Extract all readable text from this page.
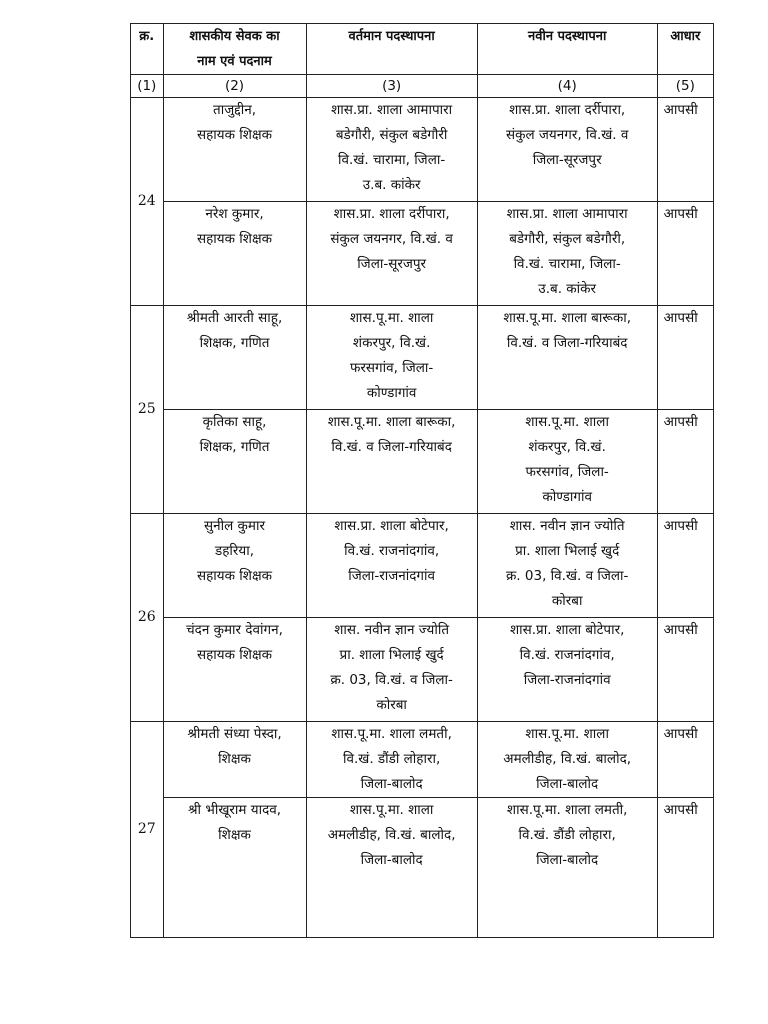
क्र.	शासकीय सेवक का
नाम एवं पदनाम	वर्तमान पदस्थापना	नवीन पदस्थापना	आधार
(1)	(2)	(3)	(4)	(5)
24	ताजुद्दीन,
सहायक शिक्षक	शास.प्रा. शाला आमापारा
बडेगौरी, संकुल बडेगौरी
वि.खं. चारामा, जिला-
उ.ब. कांकेर	शास.प्रा. शाला दर्रीपारा,
संकुल जयनगर, वि.खं. व
जिला-सूरजपुर	आपसी

	नरेश कुमार,
सहायक शिक्षक	शास.प्रा. शाला दर्रीपारा,
संकुल जयनगर, वि.खं. व
जिला-सूरजपुर	शास.प्रा. शाला आमापारा
बडेगौरी, संकुल बडेगौरी,
वि.खं. चारामा, जिला-
उ.ब. कांकेर	आपसी
25	श्रीमती आरती साहू,
शिक्षक, गणित	शास.पू.मा. शाला
शंकरपुर, वि.खं.
फरसगांव, जिला-
कोण्डागांव	शास.पू.मा. शाला बारूका,
वि.खं. व जिला-गरियाबंद	आपसी

	कृतिका साहू,
शिक्षक, गणित	शास.पू.मा. शाला बारूका,
वि.खं. व जिला-गरियाबंद	शास.पू.मा. शाला
शंकरपुर, वि.खं.
फरसगांव, जिला-
कोण्डागांव	आपसी
26	सुनील कुमार
डहरिया,
सहायक शिक्षक	शास.प्रा. शाला बोटेपार,
वि.खं. राजनांदगांव,
जिला-राजनांदगांव	शास. नवीन ज्ञान ज्योति
प्रा. शाला भिलाई खुर्द
क्र. 03, वि.खं. व जिला-
कोरबा	आपसी

	चंदन कुमार देवांगन,
सहायक शिक्षक	शास. नवीन ज्ञान ज्योति
प्रा. शाला भिलाई खुर्द
क्र. 03, वि.खं. व जिला-
कोरबा	शास.प्रा. शाला बोटेपार,
वि.खं. राजनांदगांव,
जिला-राजनांदगांव	आपसी
27	श्रीमती संध्या पेस्दा,
शिक्षक	शास.पू.मा. शाला लमती,
वि.खं. डौंडी लोहारा,
जिला-बालोद	शास.पू.मा. शाला
अमलीडीह, वि.खं. बालोद,
जिला-बालोद	आपसी

	श्री भीखूराम यादव,
शिक्षक	शास.पू.मा. शाला
अमलीडीह, वि.खं. बालोद,
जिला-बालोद	शास.पू.मा. शाला लमती,
वि.खं. डौंडी लोहारा,
जिला-बालोद	आपसी
